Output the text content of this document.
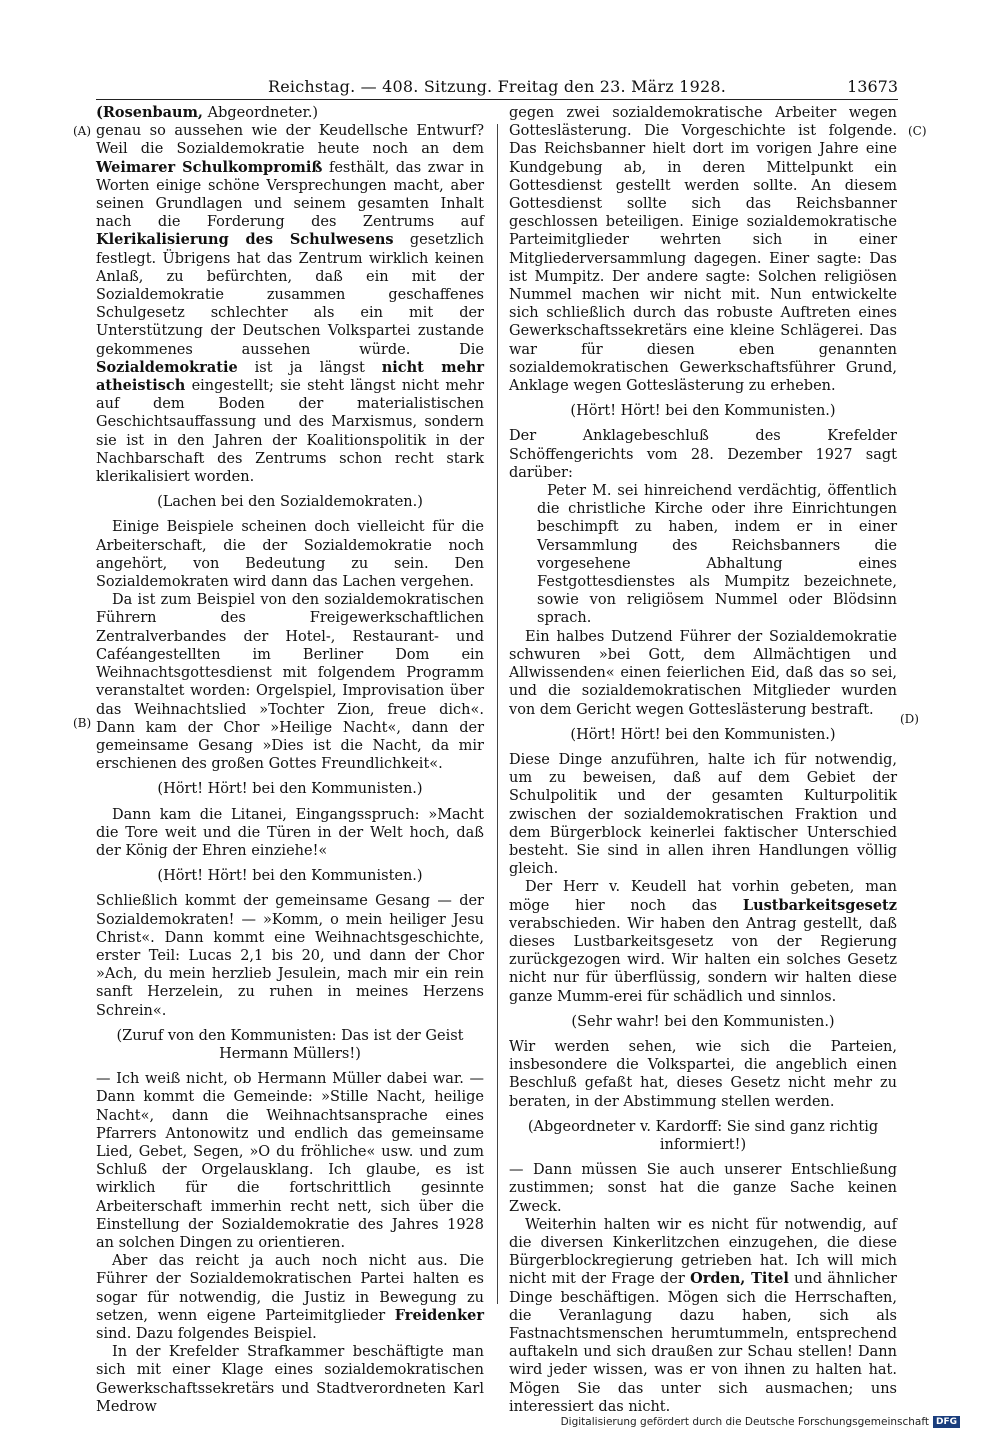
Reichstag. — 408. Sitzung. Freitag den 23. März 1928.	13673
(A)
(B)
(C)
(D)

(Rosenbaum, Abgeordneter.)

genau so aussehen wie der Keudellsche Entwurf? Weil die Sozialdemokratie heute noch an dem Weimarer Schulkompromiß festhält, das zwar in Worten einige schöne Versprechungen macht, aber seinen Grundlagen und seinem gesamten Inhalt nach die Forderung des Zentrums auf Klerikalisierung des Schulwesens gesetzlich festlegt. Übrigens hat das Zentrum wirklich keinen Anlaß, zu befürchten, daß ein mit der Sozialdemokratie zusammen geschaffenes Schulgesetz schlechter als ein mit der Unterstützung der Deutschen Volkspartei zustande gekommenes aussehen würde. Die Sozialdemokratie ist ja längst nicht mehr atheistisch eingestellt; sie steht längst nicht mehr auf dem Boden der materialistischen Geschichtsauffassung und des Marxismus, sondern sie ist in den Jahren der Koalitionspolitik in der Nachbarschaft des Zentrums schon recht stark klerikalisiert worden.

(Lachen bei den Sozialdemokraten.)

Einige Beispiele scheinen doch vielleicht für die Arbeiterschaft, die der Sozialdemokratie noch angehört, von Bedeutung zu sein. Den Sozialdemokraten wird dann das Lachen vergehen.

Da ist zum Beispiel von den sozialdemokratischen Führern des Freigewerkschaftlichen Zentralverbandes der Hotel-, Restaurant- und Caféangestellten im Berliner Dom ein Weihnachtsgottesdienst mit folgendem Programm veranstaltet worden: Orgelspiel, Improvisation über das Weihnachtslied »Tochter Zion, freue dich«. Dann kam der Chor »Heilige Nacht«, dann der gemeinsame Gesang »Dies ist die Nacht, da mir erschienen des großen Gottes Freundlichkeit«.

(Hört! Hört! bei den Kommunisten.)

Dann kam die Litanei, Eingangsspruch: »Macht die Tore weit und die Türen in der Welt hoch, daß der König der Ehren einziehe!«

(Hört! Hört! bei den Kommunisten.)

Schließlich kommt der gemeinsame Gesang — der Sozialdemokraten! — »Komm, o mein heiliger Jesu Christ«. Dann kommt eine Weihnachtsgeschichte, erster Teil: Lucas 2,1 bis 20, und dann der Chor »Ach, du mein herzlieb Jesulein, mach mir ein rein sanft Herzelein, zu ruhen in meines Herzens Schrein«.

(Zuruf von den Kommunisten: Das ist der Geist Hermann Müllers!)

— Ich weiß nicht, ob Hermann Müller dabei war. — Dann kommt die Gemeinde: »Stille Nacht, heilige Nacht«, dann die Weihnachtsansprache eines Pfarrers Antonowitz und endlich das gemeinsame Lied, Gebet, Segen, »O du fröhliche« usw. und zum Schluß der Orgelausklang. Ich glaube, es ist wirklich für die fortschrittlich gesinnte Arbeiterschaft immerhin recht nett, sich über die Einstellung der Sozialdemokratie des Jahres 1928 an solchen Dingen zu orientieren.

Aber das reicht ja auch noch nicht aus. Die Führer der Sozialdemokratischen Partei halten es sogar für notwendig, die Justiz in Bewegung zu setzen, wenn eigene Parteimitglieder Freidenker sind. Dazu folgendes Beispiel.

In der Krefelder Strafkammer beschäftigte man sich mit einer Klage eines sozialdemokratischen Gewerkschaftssekretärs und Stadtverordneten Karl Medrow

gegen zwei sozialdemokratische Arbeiter wegen Gotteslästerung. Die Vorgeschichte ist folgende. Das Reichsbanner hielt dort im vorigen Jahre eine Kundgebung ab, in deren Mittelpunkt ein Gottesdienst gestellt werden sollte. An diesem Gottesdienst sollte sich das Reichsbanner geschlossen beteiligen. Einige sozialdemokratische Parteimitglieder wehrten sich in einer Mitgliederversammlung dagegen. Einer sagte: Das ist Mumpitz. Der andere sagte: Solchen religiösen Nummel machen wir nicht mit. Nun entwickelte sich schließlich durch das robuste Auftreten eines Gewerkschaftssekretärs eine kleine Schlägerei. Das war für diesen eben genannten sozialdemokratischen Gewerkschaftsführer Grund, Anklage wegen Gotteslästerung zu erheben.

(Hört! Hört! bei den Kommunisten.)

Der Anklagebeschluß des Krefelder Schöffengerichts vom 28. Dezember 1927 sagt darüber:

Peter M. sei hinreichend verdächtig, öffentlich die christliche Kirche oder ihre Einrichtungen beschimpft zu haben, indem er in einer Versammlung des Reichsbanners die vorgesehene Abhaltung eines Festgottesdienstes als Mumpitz bezeichnete, sowie von religiösem Nummel oder Blödsinn sprach.

Ein halbes Dutzend Führer der Sozialdemokratie schwuren »bei Gott, dem Allmächtigen und Allwissenden« einen feierlichen Eid, daß das so sei, und die sozialdemokratischen Mitglieder wurden von dem Gericht wegen Gotteslästerung bestraft.

(Hört! Hört! bei den Kommunisten.)

Diese Dinge anzuführen, halte ich für notwendig, um zu beweisen, daß auf dem Gebiet der Schulpolitik und der gesamten Kulturpolitik zwischen der sozialdemokratischen Fraktion und dem Bürgerblock keinerlei faktischer Unterschied besteht. Sie sind in allen ihren Handlungen völlig gleich.

Der Herr v. Keudell hat vorhin gebeten, man möge hier noch das Lustbarkeitsgesetz verabschieden. Wir haben den Antrag gestellt, daß dieses Lustbarkeitsgesetz von der Regierung zurückgezogen wird. Wir halten ein solches Gesetz nicht nur für überflüssig, sondern wir halten diese ganze Mumm-erei für schädlich und sinnlos.

(Sehr wahr! bei den Kommunisten.)

Wir werden sehen, wie sich die Parteien, insbesondere die Volkspartei, die angeblich einen Beschluß gefaßt hat, dieses Gesetz nicht mehr zu beraten, in der Abstimmung stellen werden.

(Abgeordneter v. Kardorff: Sie sind ganz richtig informiert!)

— Dann müssen Sie auch unserer Entschließung zustimmen; sonst hat die ganze Sache keinen Zweck.

Weiterhin halten wir es nicht für notwendig, auf die diversen Kinkerlitzchen einzugehen, die diese Bürgerblockregierung getrieben hat. Ich will mich nicht mit der Frage der Orden, Titel und ähnlicher Dinge beschäftigen. Mögen sich die Herrschaften, die Veranlagung dazu haben, sich als Fastnachtsmenschen herumtummeln, entsprechend auftakeln und sich draußen zur Schau stellen! Dann wird jeder wissen, was er von ihnen zu halten hat. Mögen Sie das unter sich ausmachen; uns interessiert das nicht.

Digitalisierung gefördert durch die Deutsche Forschungsgemeinschaft DFG
